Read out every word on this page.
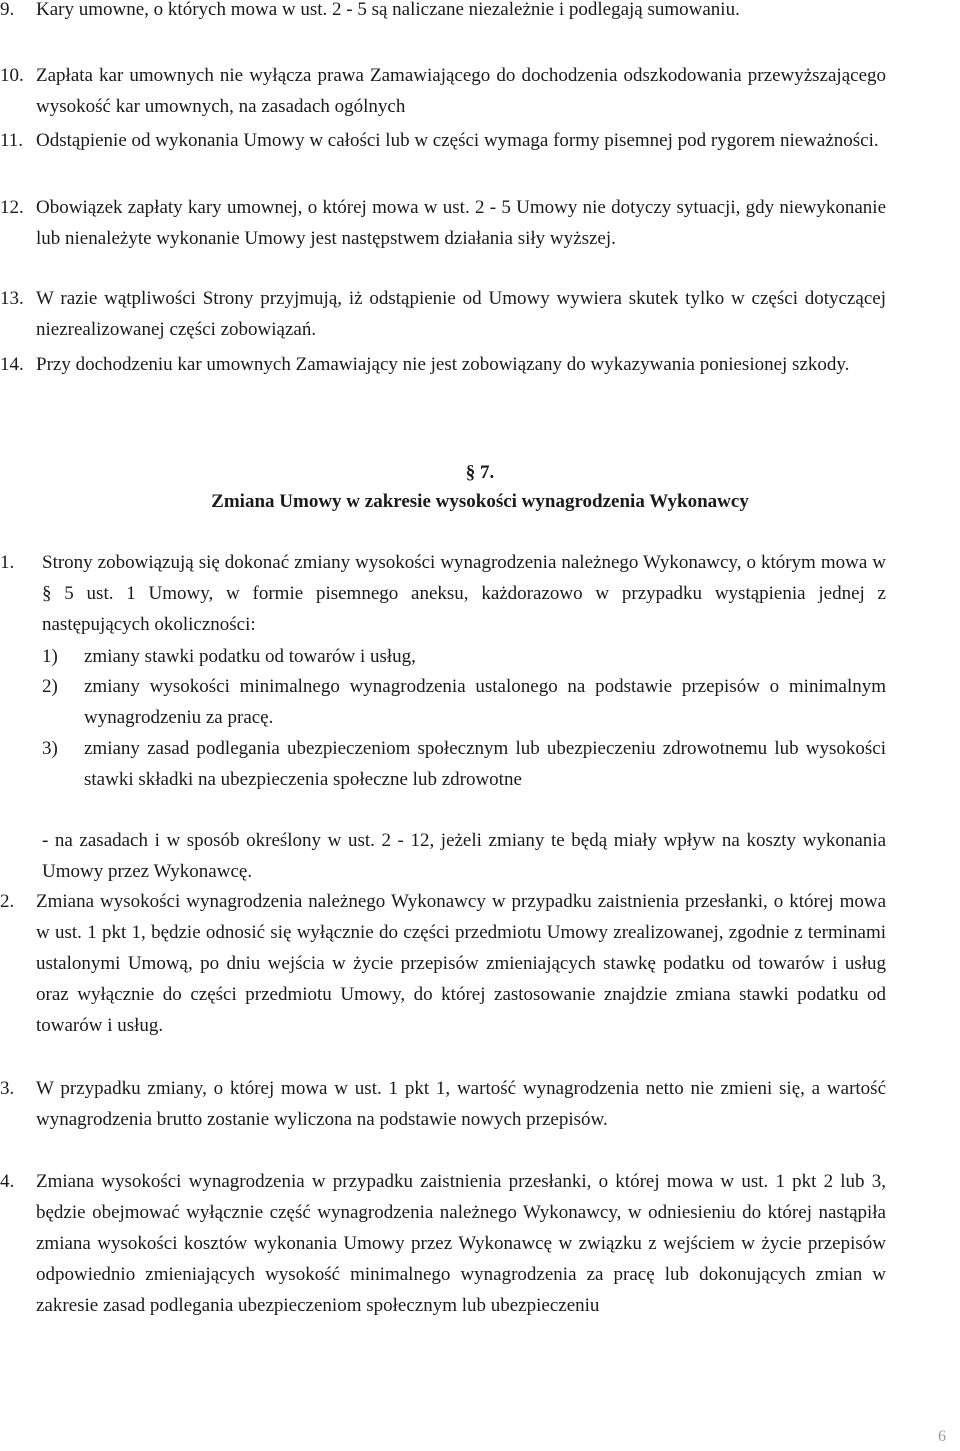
9.	Kary umowne, o których mowa w ust. 2 - 5 są naliczane niezależnie i podlegają sumowaniu.
10. Zapłata kar umownych nie wyłącza prawa Zamawiającego do dochodzenia odszkodowania przewyższającego wysokość kar umownych, na zasadach ogólnych
11. Odstąpienie od wykonania Umowy w całości lub w części wymaga formy pisemnej pod rygorem nieważności.
12. Obowiązek zapłaty kary umownej, o której mowa w ust. 2 - 5 Umowy nie dotyczy sytuacji, gdy niewykonanie lub nienależyte wykonanie Umowy jest następstwem działania siły wyższej.
13. W razie wątpliwości Strony przyjmują, iż odstąpienie od Umowy wywiera skutek tylko w części dotyczącej niezrealizowanej części zobowiązań.
14. Przy dochodzeniu kar umownych Zamawiający nie jest zobowiązany do wykazywania poniesionej szkody.
§ 7.
Zmiana Umowy w zakresie wysokości wynagrodzenia Wykonawcy
1.	Strony zobowiązują się dokonać zmiany wysokości wynagrodzenia należnego Wykonawcy, o którym mowa w § 5 ust. 1 Umowy, w formie pisemnego aneksu, każdorazowo w przypadku wystąpienia jednej z następujących okoliczności:
1)	zmiany stawki podatku od towarów i usług,
2)	zmiany wysokości minimalnego wynagrodzenia ustalonego na podstawie przepisów o minimalnym wynagrodzeniu za pracę.
3)	zmiany zasad podlegania ubezpieczeniom społecznym lub ubezpieczeniu zdrowotnemu lub wysokości stawki składki na ubezpieczenia społeczne lub zdrowotne
- na zasadach i w sposób określony w ust. 2 - 12, jeżeli zmiany te będą miały wpływ na koszty wykonania Umowy przez Wykonawcę.
2.	Zmiana wysokości wynagrodzenia należnego Wykonawcy w przypadku zaistnienia przesłanki, o której mowa w ust. 1 pkt 1, będzie odnosić się wyłącznie do części przedmiotu Umowy zrealizowanej, zgodnie z terminami ustalonymi Umową, po dniu wejścia w życie przepisów zmieniających stawkę podatku od towarów i usług oraz wyłącznie do części przedmiotu Umowy, do której zastosowanie znajdzie zmiana stawki podatku od towarów i usług.
3.	W przypadku zmiany, o której mowa w ust. 1 pkt 1, wartość wynagrodzenia netto nie zmieni się, a wartość wynagrodzenia brutto zostanie wyliczona na podstawie nowych przepisów.
4.	Zmiana wysokości wynagrodzenia w przypadku zaistnienia przesłanki, o której mowa w ust. 1 pkt 2 lub 3, będzie obejmować wyłącznie część wynagrodzenia należnego Wykonawcy, w odniesieniu do której nastąpiła zmiana wysokości kosztów wykonania Umowy przez Wykonawcę w związku z wejściem w życie przepisów odpowiednio zmieniających wysokość minimalnego wynagrodzenia za pracę lub dokonujących zmian w zakresie zasad podlegania ubezpieczeniom społecznym lub ubezpieczeniu
6
